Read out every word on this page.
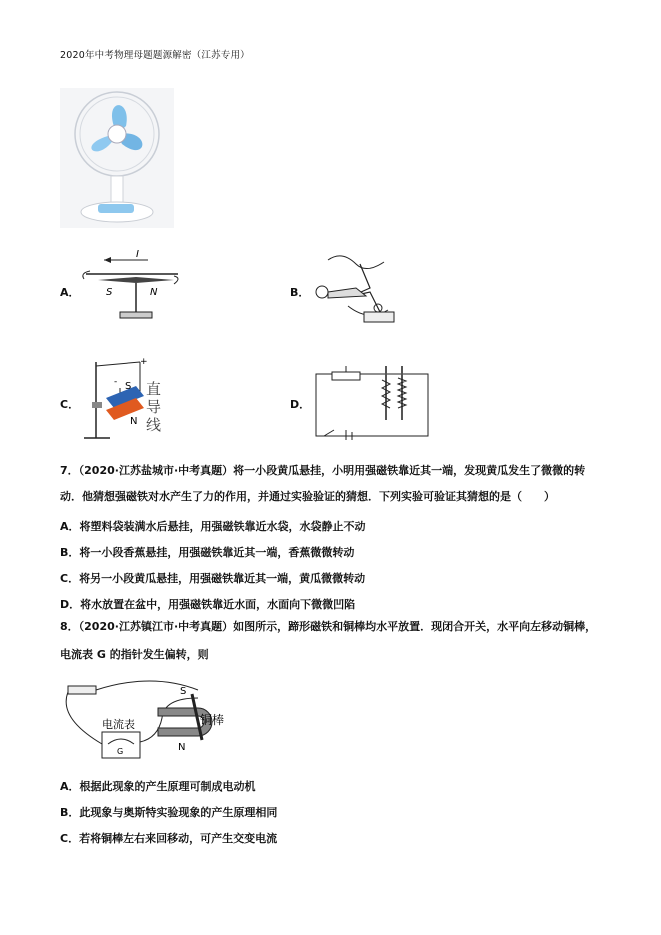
2020年中考物理母题题源解密（江苏专用）
A．
I
S	N	B．
C．
+
- S
N
直
导
线
D．
7．（2020·江苏盐城市·中考真题）将一小段黄瓜悬挂，小明用强磁铁靠近其一端，发现黄瓜发生了微微的转
动．他猜想强磁铁对水产生了力的作用，并通过实验验证的猜想．下列实验可验证其猜想的是（　　）
A．将塑料袋装满水后悬挂，用强磁铁靠近水袋，水袋静止不动
B．将一小段香蕉悬挂，用强磁铁靠近其一端，香蕉微微转动
C．将另一小段黄瓜悬挂，用强磁铁靠近其一端，黄瓜微微转动
D．将水放置在盆中，用强磁铁靠近水面，水面向下微微凹陷
8．（2020·江苏镇江市·中考真题）如图所示，蹄形磁铁和铜棒均水平放置．现闭合开关，水平向左移动铜棒，
电流表 G 的指针发生偏转，则
电流表
G
S
N
铜棒
A．根据此现象的产生原理可制成电动机
B．此现象与奥斯特实验现象的产生原理相同
C．若将铜棒左右来回移动，可产生交变电流
